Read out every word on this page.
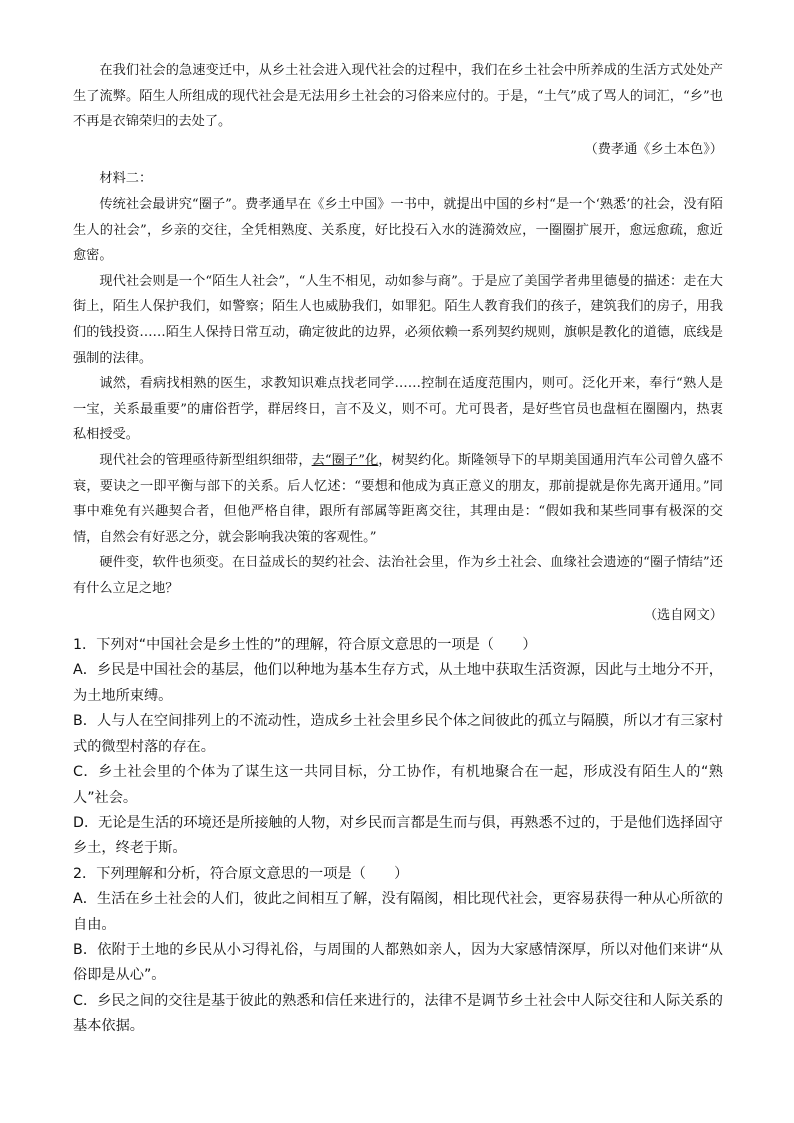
在我们社会的急速变迁中，从乡土社会进入现代社会的过程中，我们在乡土社会中所养成的生活方式处处产生了流弊。陌生人所组成的现代社会是无法用乡土社会的习俗来应付的。于是，“土气”成了骂人的词汇，“乡”也不再是衣锦荣归的去处了。

（费孝通《乡土本色》）

材料二：

传统社会最讲究“圈子”。费孝通早在《乡土中国》一书中，就提出中国的乡村“是一个‘熟悉’的社会，没有陌生人的社会”，乡亲的交往，全凭相熟度、关系度，好比投石入水的涟漪效应，一圈圈扩展开，愈远愈疏，愈近愈密。

现代社会则是一个“陌生人社会”，“人生不相见，动如参与商”。于是应了美国学者弗里德曼的描述：走在大街上，陌生人保护我们，如警察；陌生人也威胁我们，如罪犯。陌生人教育我们的孩子，建筑我们的房子，用我们的钱投资……陌生人保持日常互动，确定彼此的边界，必须依赖一系列契约规则，旗帜是教化的道德，底线是强制的法律。

诚然，看病找相熟的医生，求教知识难点找老同学……控制在适度范围内，则可。泛化开来，奉行“熟人是一宝，关系最重要”的庸俗哲学，群居终日，言不及义，则不可。尤可畏者，是好些官员也盘桓在圈圈内，热衷私相授受。

现代社会的管理亟待新型组织细带，去“圈子”化，树契约化。斯隆领导下的早期美国通用汽车公司曾久盛不衰，要诀之一即平衡与部下的关系。后人忆述：“要想和他成为真正意义的朋友，那前提就是你先离开通用。”同事中难免有兴趣契合者，但他严格自律，跟所有部属等距离交往，其理由是：“假如我和某些同事有极深的交情，自然会有好恶之分，就会影响我决策的客观性。”

硬件变，软件也须变。在日益成长的契约社会、法治社会里，作为乡土社会、血缘社会遗迹的“圈子情结”还有什么立足之地？

（选自网文）

1．下列对“中国社会是乡土性的”的理解，符合原文意思的一项是（　　）

A．乡民是中国社会的基层，他们以种地为基本生存方式，从土地中获取生活资源，因此与土地分不开，为土地所束缚。

B．人与人在空间排列上的不流动性，造成乡土社会里乡民个体之间彼此的孤立与隔膜，所以才有三家村式的微型村落的存在。

C．乡土社会里的个体为了谋生这一共同目标，分工协作，有机地聚合在一起，形成没有陌生人的“熟人”社会。

D．无论是生活的环境还是所接触的人物，对乡民而言都是生而与俱，再熟悉不过的，于是他们选择固守乡土，终老于斯。

2．下列理解和分析，符合原文意思的一项是（　　）

A．生活在乡土社会的人们，彼此之间相互了解，没有隔阂，相比现代社会，更容易获得一种从心所欲的自由。

B．依附于土地的乡民从小习得礼俗，与周围的人都熟如亲人，因为大家感情深厚，所以对他们来讲“从俗即是从心”。

C．乡民之间的交往是基于彼此的熟悉和信任来进行的，法律不是调节乡土社会中人际交往和人际关系的基本依据。
